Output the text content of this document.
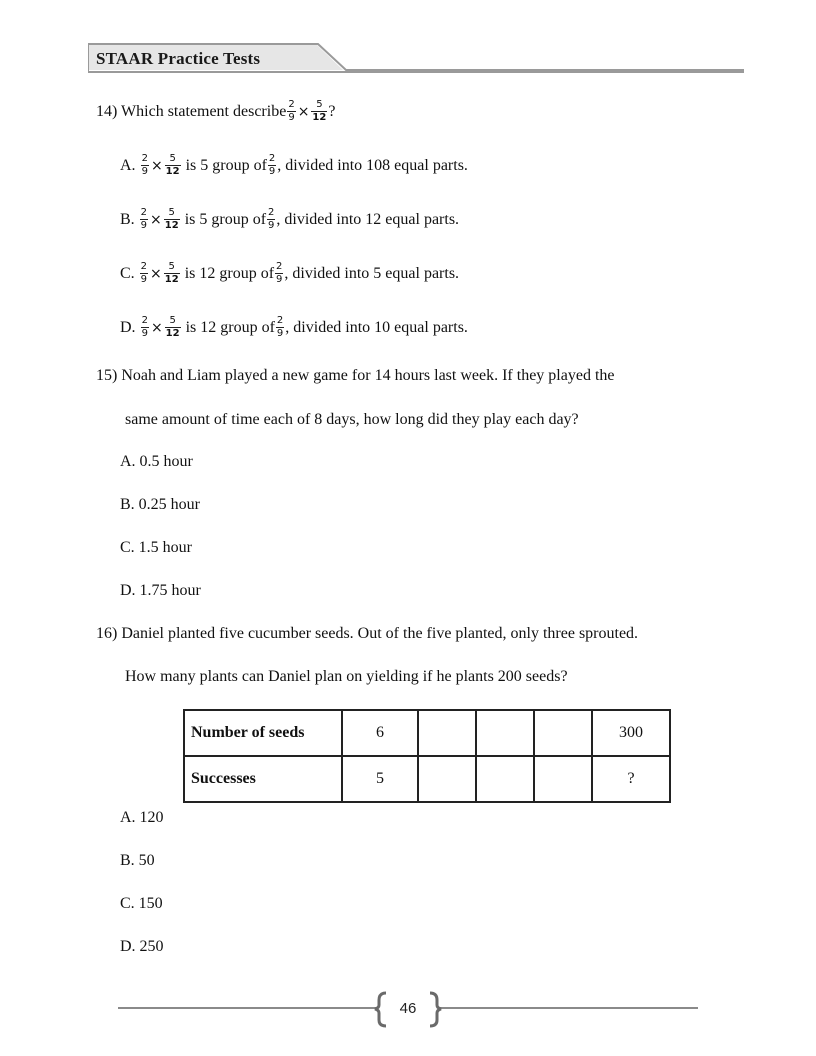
STAAR Practice Tests
14) Which statement describe $\frac{2}{9} \times \frac{5}{12}$ ?
A. $\frac{2}{9} \times \frac{5}{12}$ is 5 group of $\frac{2}{9}$ , divided into 108 equal parts.
B. $\frac{2}{9} \times \frac{5}{12}$ is 5 group of $\frac{2}{9}$ , divided into 12 equal parts.
C. $\frac{2}{9} \times \frac{5}{12}$ is 12 group of $\frac{2}{9}$ , divided into 5 equal parts.
D. $\frac{2}{9} \times \frac{5}{12}$ is 12 group of $\frac{2}{9}$ , divided into 10 equal parts.
15) Noah and Liam played a new game for 14 hours last week. If they played the
same amount of time each of 8 days, how long did they play each day?
A. 0.5 hour
B. 0.25 hour
C. 1.5 hour
D. 1.75 hour
16) Daniel planted five cucumber seeds. Out of the five planted, only three sprouted.
How many plants can Daniel plan on yielding if he plants 200 seeds?
Number of seeds	6				300
Successes	5				?
A. 120
B. 50
C. 150
D. 250
46
